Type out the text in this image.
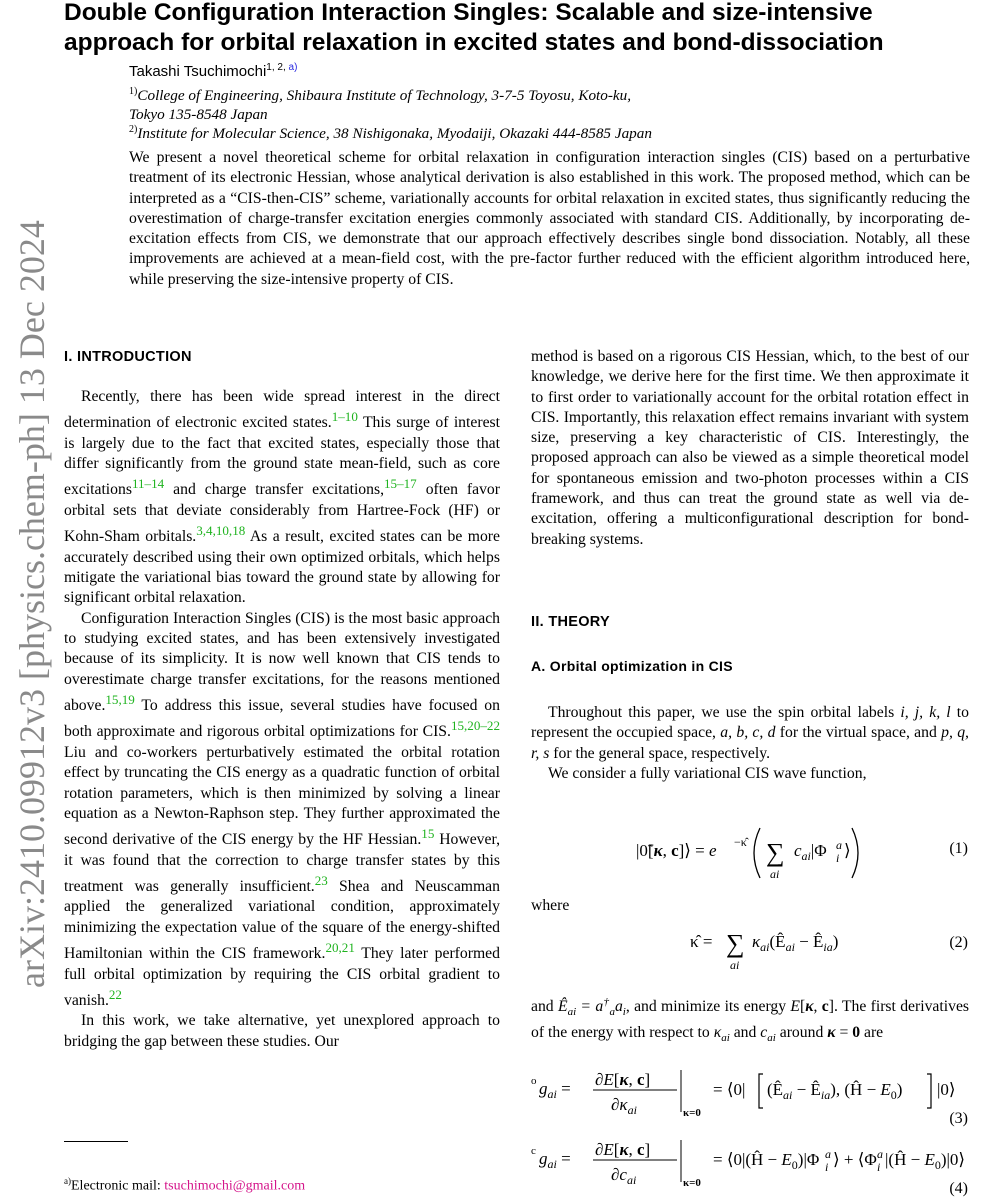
arXiv:2410.09912v3 [physics.chem-ph] 13 Dec 2024
Double Configuration Interaction Singles: Scalable and size-intensive approach for orbital relaxation in excited states and bond-dissociation
Takashi Tsuchimochi$^{1, 2, a)}$
$^{1)}$College of Engineering, Shibaura Institute of Technology, 3-7-5 Toyosu, Koto-ku,
Tokyo 135-8548 Japan
$^{2)}$Institute for Molecular Science, 38 Nishigonaka, Myodaiji, Okazaki 444-8585 Japan

We present a novel theoretical scheme for orbital relaxation in configuration interaction singles (CIS) based on a perturbative treatment of its electronic Hessian, whose analytical derivation is also established in this work. The proposed method, which can be interpreted as a “CIS-then-CIS” scheme, variationally accounts for orbital relaxation in excited states, thus significantly reducing the overestimation of charge-transfer excitation energies commonly associated with standard CIS. Additionally, by incorporating de-excitation effects from CIS, we demonstrate that our approach effectively describes single bond dissociation. Notably, all these improvements are achieved at a mean-field cost, with the pre-factor further reduced with the efficient algorithm introduced here, while preserving the size-intensive property of CIS.

I. INTRODUCTION

Recently, there has been wide spread interest in the direct determination of electronic excited states.$^{1-10}$ This surge of interest is largely due to the fact that excited states, especially those that differ significantly from the ground state mean-field, such as core excitations$^{11-14}$ and charge transfer excitations,$^{15-17}$ often favor orbital sets that deviate considerably from Hartree-Fock (HF) or Kohn-Sham orbitals.$^{3,4,10,18}$ As a result, excited states can be more accurately described using their own optimized orbitals, which helps mitigate the variational bias toward the ground state by allowing for significant orbital relaxation.

Configuration Interaction Singles (CIS) is the most basic approach to studying excited states, and has been extensively investigated because of its simplicity. It is now well known that CIS tends to overestimate charge transfer excitations, for the reasons mentioned above.$^{15,19}$ To address this issue, several studies have focused on both approximate and rigorous orbital optimizations for CIS.$^{15,20-22}$ Liu and co-workers perturbatively estimated the orbital rotation effect by truncating the CIS energy as a quadratic function of orbital rotation parameters, which is then minimized by solving a linear equation as a Newton-Raphson step. They further approximated the second derivative of the CIS energy by the HF Hessian.$^{15}$ However, it was found that the correction to charge transfer states by this treatment was generally insufficient.$^{23}$ Shea and Neuscamman applied the generalized variational condition, approximately minimizing the expectation value of the square of the energy-shifted Hamiltonian within the CIS framework.$^{20,21}$ They later performed full orbital optimization by requiring the CIS orbital gradient to vanish.$^{22}$

In this work, we take alternative, yet unexplored approach to bridging the gap between these studies. Our

method is based on a rigorous CIS Hessian, which, to the best of our knowledge, we derive here for the first time. We then approximate it to first order to variationally account for the orbital rotation effect in CIS. Importantly, this relaxation effect remains invariant with system size, preserving a key characteristic of CIS. Interestingly, the proposed approach can also be viewed as a simple theoretical model for spontaneous emission and two-photon processes within a CIS framework, and thus can treat the ground state as well via de-excitation, offering a multiconfigurational description for bond-breaking systems.

II. THEORY
A. Orbital optimization in CIS

Throughout this paper, we use the spin orbital labels i, j, k, l to represent the occupied space, a, b, c, d for the virtual space, and p, q, r, s for the general space, respectively.

We consider a fully variational CIS wave function,

|0̃[κ, c]⟩ = e −κ̂ ∑
ai
$c_{ai}|\Phi$ a
i ⟩	(1)

where

κ̂ = ∑
ai
$\kappa_{ai}(Ê_{ai}$ − $Ê_{ia}$)	(2)

and $Ê_{ai} = a^\dagger_aa_i$, and minimize its energy E[κ, c]. The first derivatives of the energy with respect to $\kappa_{ai}$ and $c_{ai}$ around κ = 0 are

o $g_{ai} = \partial E[\kappa$, c]
$\partial\kappa_{ai}$	κ=0
= ⟨0| ($Ê_{ai}$ − $Ê_{ia}$), (Ĥ − $E_0$) |0⟩
(3)
c $g_{ai} = \partial E[\kappa$, c]
$\partial c_{ai}$	κ=0
= ⟨0|(Ĥ − $E_0)|\Phi$ a
i ⟩ + ⟨Φ a
i |(Ĥ − $E_0)|0⟩$
(4)
$^{a)}$Electronic mail: tsuchimochi@gmail.com
